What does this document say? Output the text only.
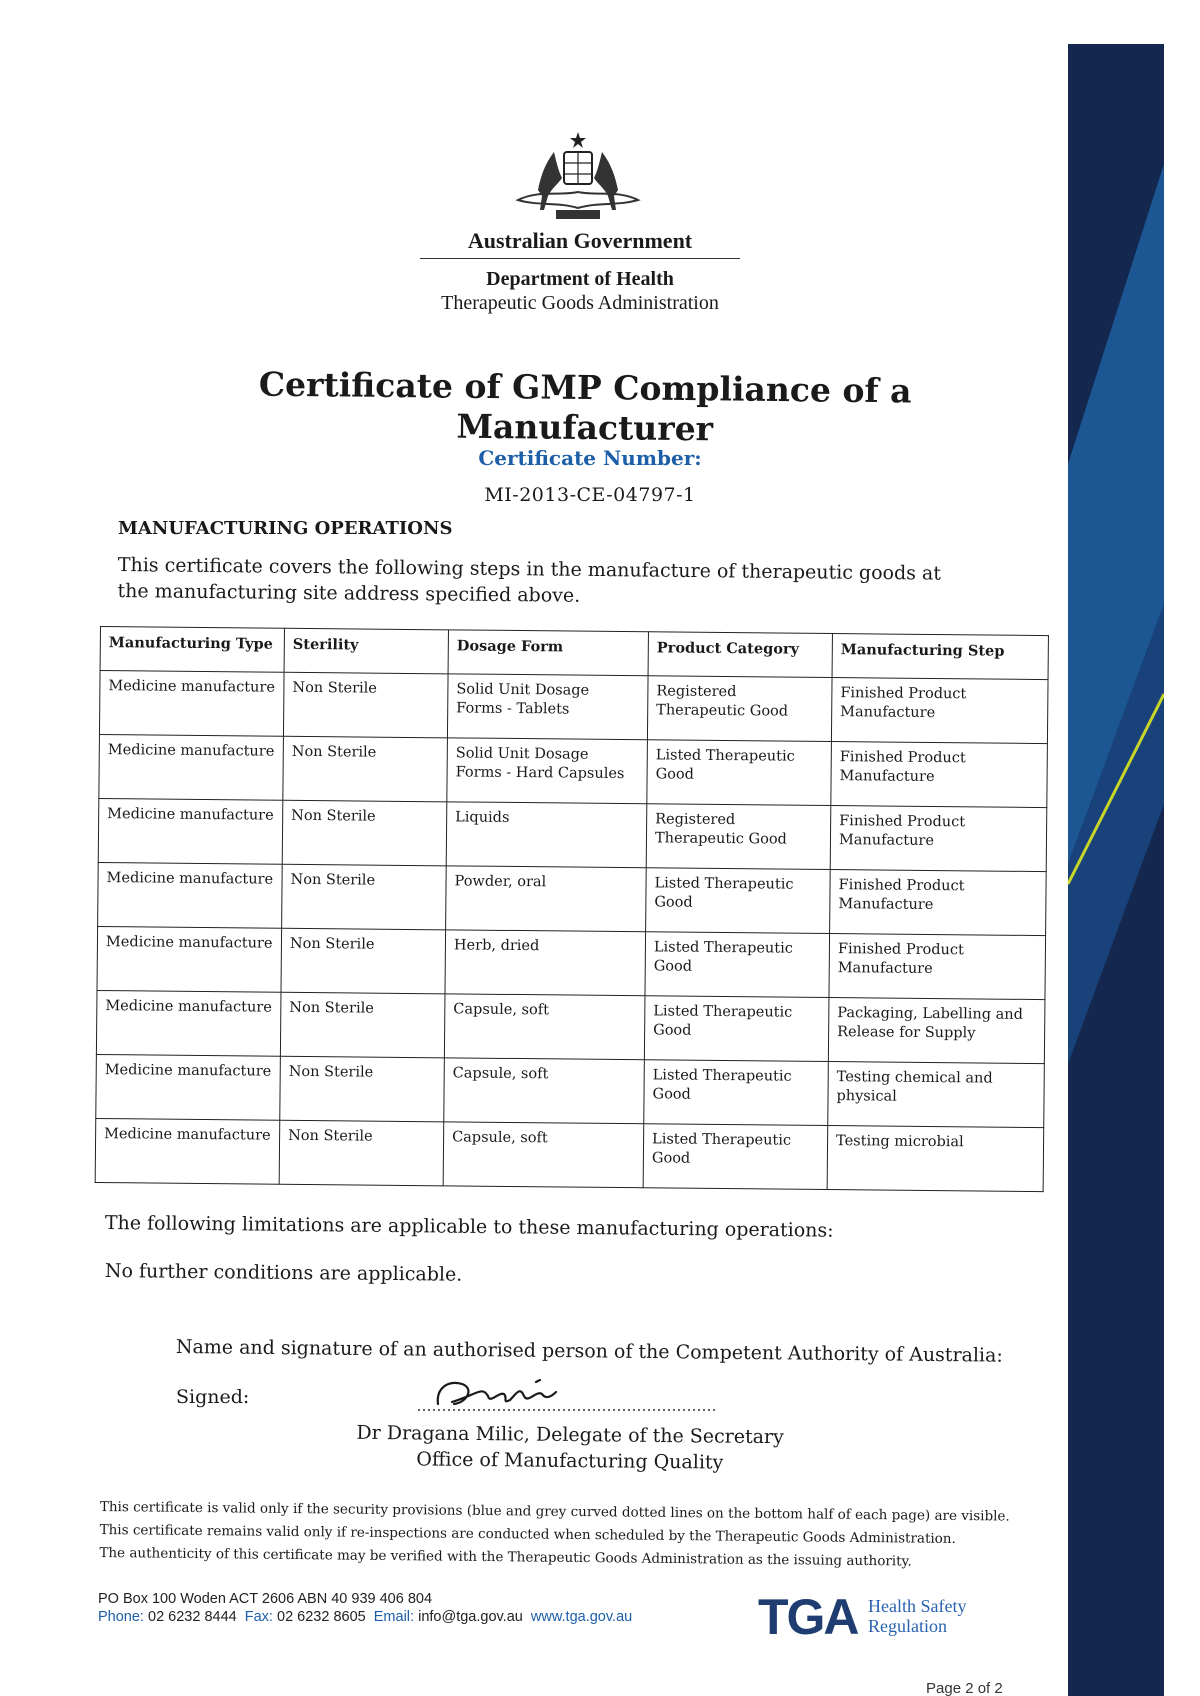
Australian Government
Department of Health
Therapeutic Goods Administration
Certificate of GMP Compliance of a Manufacturer
Certificate Number:
MI-2013-CE-04797-1
MANUFACTURING OPERATIONS
This certificate covers the following steps in the manufacture of therapeutic goods at the manufacturing site address specified above.
Manufacturing Type	Sterility	Dosage Form	Product Category	Manufacturing Step
Medicine manufacture	Non Sterile	Solid Unit Dosage Forms - Tablets	Registered Therapeutic Good	Finished Product Manufacture
Medicine manufacture	Non Sterile	Solid Unit Dosage Forms - Hard Capsules	Listed Therapeutic Good	Finished Product Manufacture
Medicine manufacture	Non Sterile	Liquids	Registered Therapeutic Good	Finished Product Manufacture
Medicine manufacture	Non Sterile	Powder, oral	Listed Therapeutic Good	Finished Product Manufacture
Medicine manufacture	Non Sterile	Herb, dried	Listed Therapeutic Good	Finished Product Manufacture
Medicine manufacture	Non Sterile	Capsule, soft	Listed Therapeutic Good	Packaging, Labelling and Release for Supply
Medicine manufacture	Non Sterile	Capsule, soft	Listed Therapeutic Good	Testing chemical and physical
Medicine manufacture	Non Sterile	Capsule, soft	Listed Therapeutic Good	Testing microbial
The following limitations are applicable to these manufacturing operations:
No further conditions are applicable.
Name and signature of an authorised person of the Competent Authority of Australia:
Signed:
Dr Dragana Milic, Delegate of the Secretary
Office of Manufacturing Quality
This certificate is valid only if the security provisions (blue and grey curved dotted lines on the bottom half of each page) are visible.
This certificate remains valid only if re-inspections are conducted when scheduled by the Therapeutic Goods Administration.
The authenticity of this certificate may be verified with the Therapeutic Goods Administration as the issuing authority.
PO Box 100 Woden ACT 2606 ABN 40 939 406 804
Phone: 02 6232 8444 Fax: 02 6232 8605 Email: info@tga.gov.au www.tga.gov.au	TGA Health Safety
Regulation
Page 2 of 2
